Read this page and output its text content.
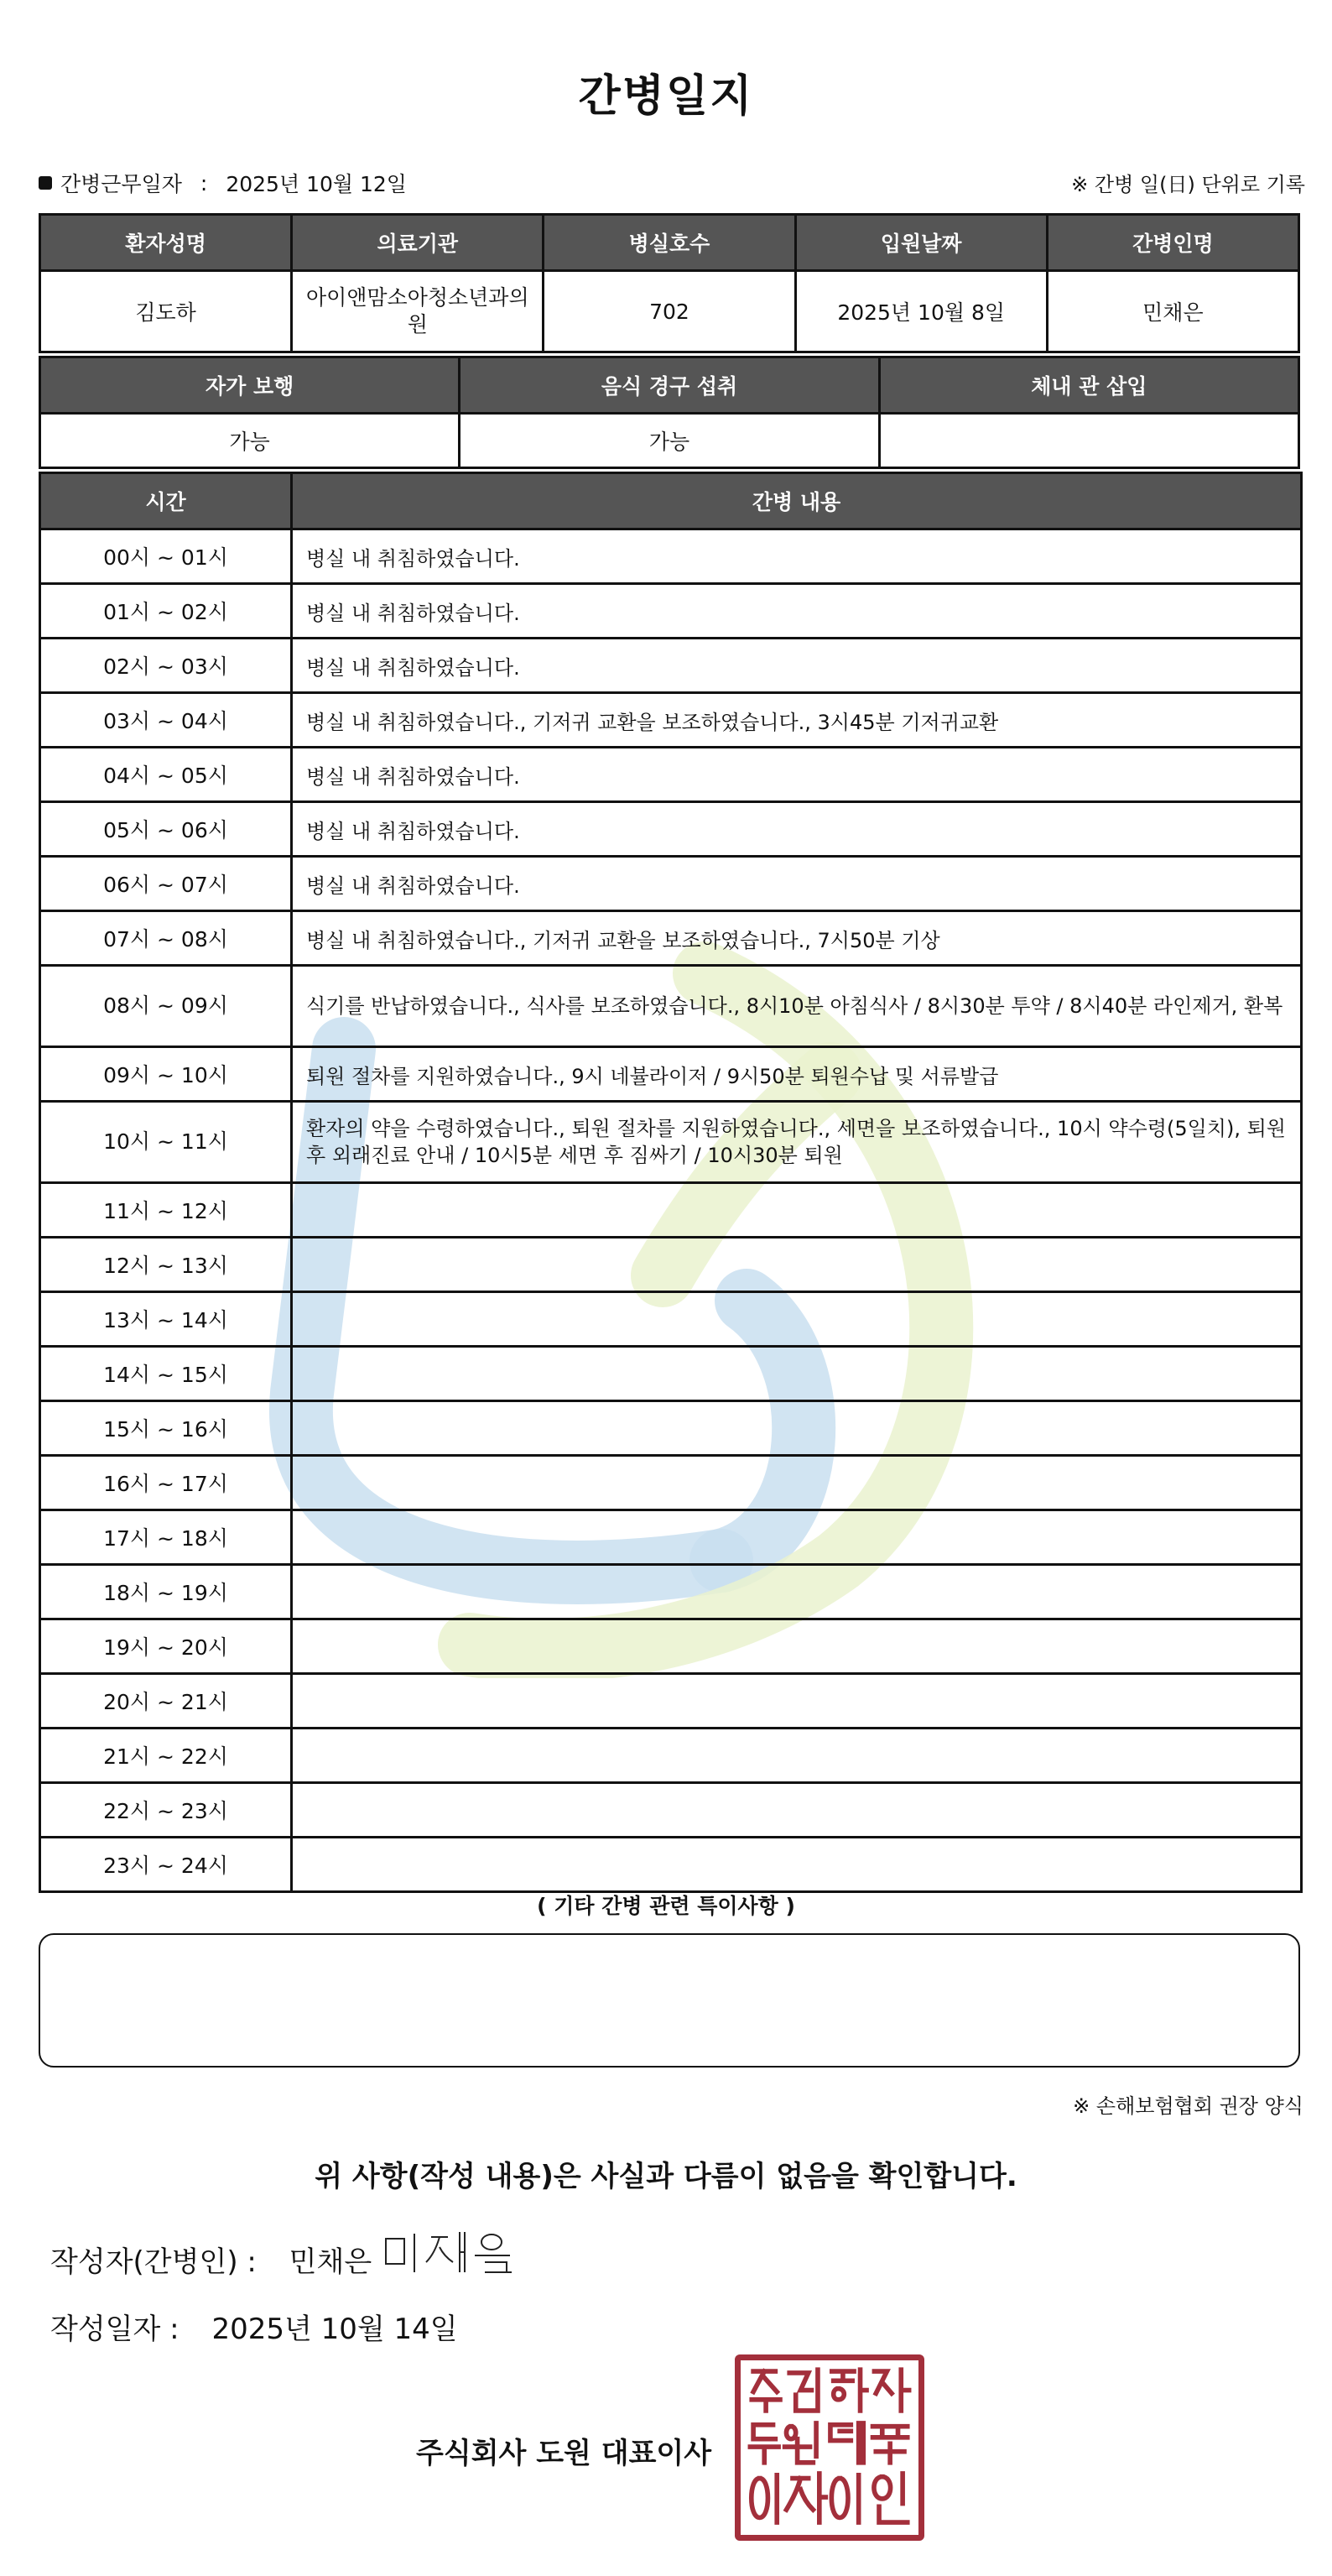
간병일지
간병근무일자 : 2025년 10월 12일	※ 간병 일(日) 단위로 기록
환자성명	의료기관	병실호수	입원날짜	간병인명
김도하	아이앤맘소아청소년과의원	702	2025년 10월 8일	민채은
자가 보행	음식 경구 섭취	체내 관 삽입
가능	가능	
시간	간병 내용
00시 ~ 01시	병실 내 취침하였습니다.
01시 ~ 02시	병실 내 취침하였습니다.
02시 ~ 03시	병실 내 취침하였습니다.
03시 ~ 04시	병실 내 취침하였습니다., 기저귀 교환을 보조하였습니다., 3시45분 기저귀교환
04시 ~ 05시	병실 내 취침하였습니다.
05시 ~ 06시	병실 내 취침하였습니다.
06시 ~ 07시	병실 내 취침하였습니다.
07시 ~ 08시	병실 내 취침하였습니다., 기저귀 교환을 보조하였습니다., 7시50분 기상
08시 ~ 09시	식기를 반납하였습니다., 식사를 보조하였습니다., 8시10분 아침식사 / 8시30분 투약 / 8시40분 라인제거, 환복
09시 ~ 10시	퇴원 절차를 지원하였습니다., 9시 네뷸라이저 / 9시50분 퇴원수납 및 서류발급
10시 ~ 11시	환자의 약을 수령하였습니다., 퇴원 절차를 지원하였습니다., 세면을 보조하였습니다., 10시 약수령(5일치), 퇴원후 외래진료 안내 / 10시5분 세면 후 짐싸기 / 10시30분 퇴원
11시 ~ 12시	
12시 ~ 13시	
13시 ~ 14시	
14시 ~ 15시	
15시 ~ 16시	
16시 ~ 17시	
17시 ~ 18시	
18시 ~ 19시	
19시 ~ 20시	
20시 ~ 21시	
21시 ~ 22시	
22시 ~ 23시	
23시 ~ 24시	
( 기타 간병 관련 특이사항 )
※ 손해보험협회 권장 양식
위 사항(작성 내용)은 사실과 다름이 없음을 확인합니다.
작성자(간병인) : 민채은
작성일자 : 2025년 10월 14일
주식회사 도원 대표이사
